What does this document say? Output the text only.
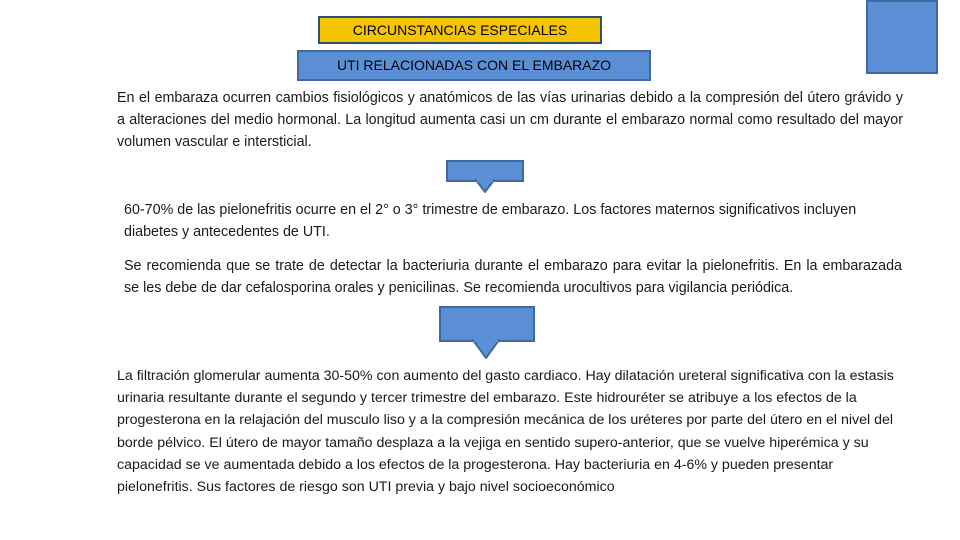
CIRCUNSTANCIAS ESPECIALES
UTI RELACIONADAS CON EL EMBARAZO

En el embaraza ocurren cambios fisiológicos y anatómicos de las vías urinarias debido a la compresión del útero grávido y a alteraciones del medio hormonal. La longitud aumenta casi un cm durante el embarazo normal como resultado del mayor volumen vascular e intersticial.

60-70% de las pielonefritis ocurre en el 2° o 3° trimestre de embarazo. Los factores maternos significativos incluyen diabetes y antecedentes de UTI.

Se recomienda que se trate de detectar la bacteriuria durante el embarazo para evitar la pielonefritis. En la embarazada se les debe de dar cefalosporina orales y penicilinas. Se recomienda urocultivos para vigilancia periódica.

La filtración glomerular aumenta 30-50% con aumento del gasto cardiaco. Hay dilatación ureteral significativa con la estasis urinaria resultante durante el segundo y tercer trimestre del embarazo. Este hidrouréter se atribuye a los efectos de la progesterona en la relajación del musculo liso y a la compresión mecánica de los uréteres por parte del útero en el nivel del borde pélvico. El útero de mayor tamaño desplaza a la vejiga en sentido supero-anterior, que se vuelve hiperémica y su capacidad se ve aumentada debido a los efectos de la progesterona. Hay bacteriuria en 4-6% y pueden presentar pielonefritis. Sus factores de riesgo son UTI previa y bajo nivel socioeconómico
